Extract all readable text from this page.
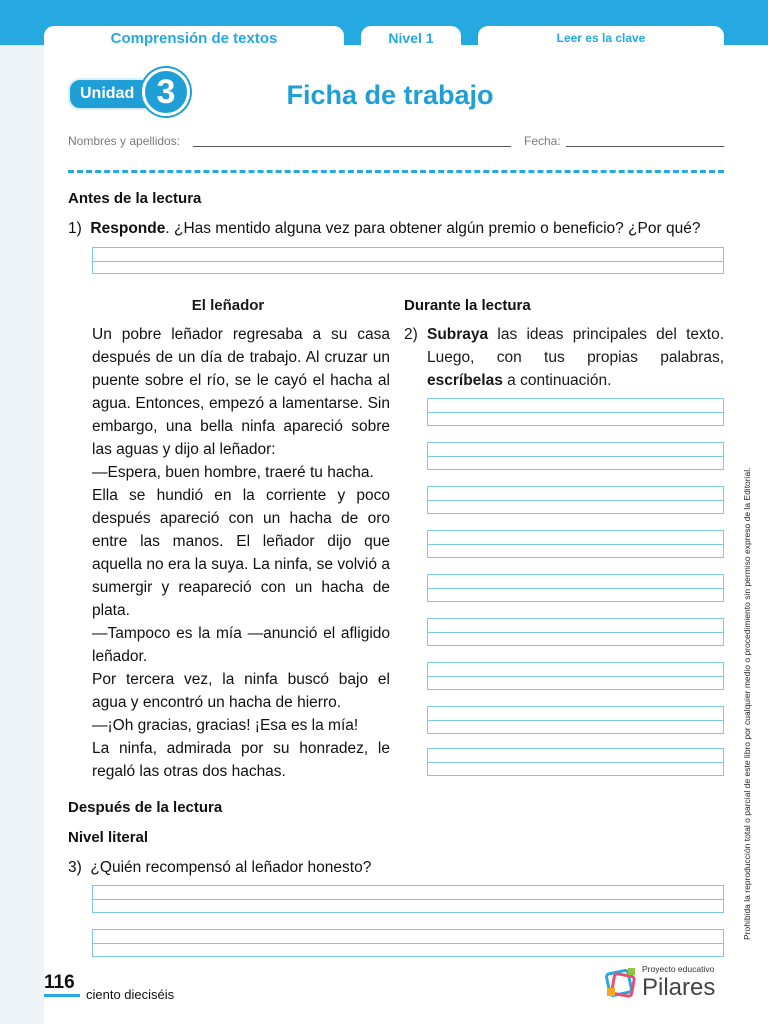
Comprensión de textos	Nivel 1	Leer es la clave
Unidad 3	Ficha de trabajo
Nombres y apellidos:	Fecha:
Antes de la lectura
1) Responde. ¿Has mentido alguna vez para obtener algún premio o beneficio? ¿Por qué?
El leñador

Un pobre leñador regresaba a su casa después de un día de trabajo. Al cruzar un puente sobre el río, se le cayó el hacha al agua. Entonces, empezó a lamentarse. Sin embargo, una bella ninfa apareció sobre las aguas y dijo al leñador:

—Espera, buen hombre, traeré tu hacha.

Ella se hundió en la corriente y poco después apareció con un hacha de oro entre las manos. El leñador dijo que aquella no era la suya. La ninfa, se volvió a sumergir y reapareció con un hacha de plata.

—Tampoco es la mía —anunció el afligido leñador.

Por tercera vez, la ninfa buscó bajo el agua y encontró un hacha de hierro.

—¡Oh gracias, gracias! ¡Esa es la mía!

La ninfa, admirada por su honradez, le regaló las otras dos hachas.

Durante la lectura
2) Subraya las ideas principales del texto. Luego, con tus propias palabras, escríbelas a continuación.
Después de la lectura
Nivel literal
3) ¿Quién recompensó al leñador honesto?	Prohibida la reproducción total o parcial de este libro por cualquier medio o procedimiento sin permiso expreso de la Editorial.
116
ciento dieciséis
Proyecto educativo
Pilares
